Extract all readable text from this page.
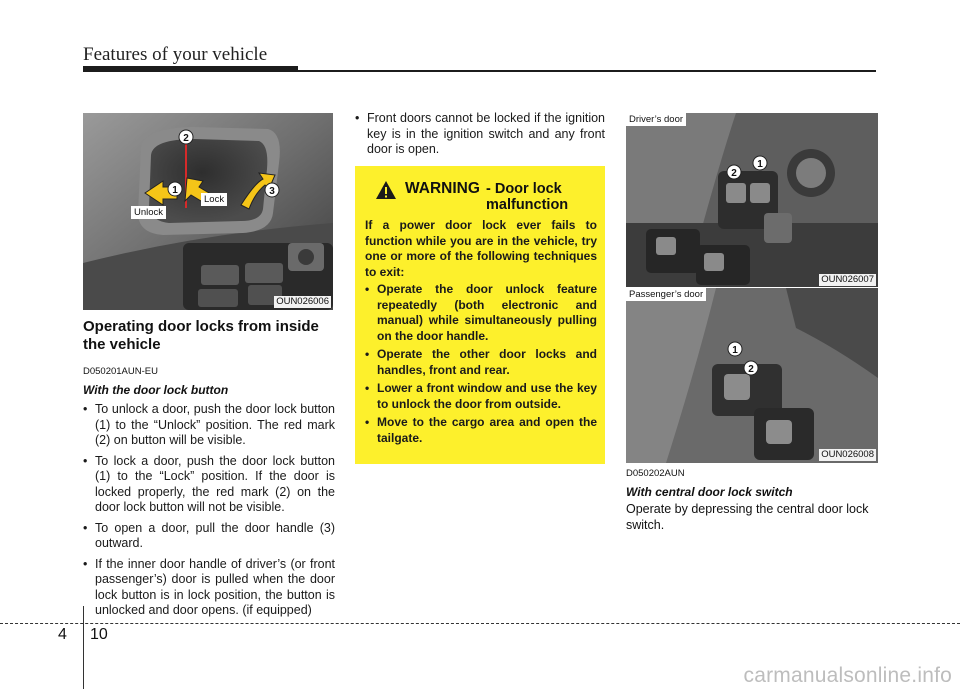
Features of your vehicle
1
2
3
Unlock
Lock
OUN026006
Operating door locks from inside the vehicle
D050201AUN-EU
With the door lock button
• To unlock a door, push the door lock button (1) to the “Unlock” position. The red mark (2) on button will be visible.
• To lock a door, push the door lock button (1) to the “Lock” position. If the door is locked properly, the red mark (2) on the door lock button will not be visible.
• To open a door, pull the door handle (3) outward.
• If the inner door handle of driver’s (or front passenger’s) door is pulled when the door lock button is in lock position, the button is unlocked and door opens. (if equipped)
• Front doors cannot be locked if the ignition key is in the ignition switch and any front door is open.
WARNING - Door lock malfunction
If a power door lock ever fails to function while you are in the vehicle, try one or more of the following techniques to exit:
• Operate the door unlock feature repeatedly (both electronic and manual) while simultaneously pulling on the door handle.
• Operate the other door locks and handles, front and rear.
• Lower a front window and use the key to unlock the door from outside.
• Move to the cargo area and open the tailgate.
1
2
Driver’s door
OUN026007
1
2
Passenger’s door
OUN026008
D050202AUN
With central door lock switch
Operate by depressing the central door lock switch.
4 10
carmanualsonline.info
